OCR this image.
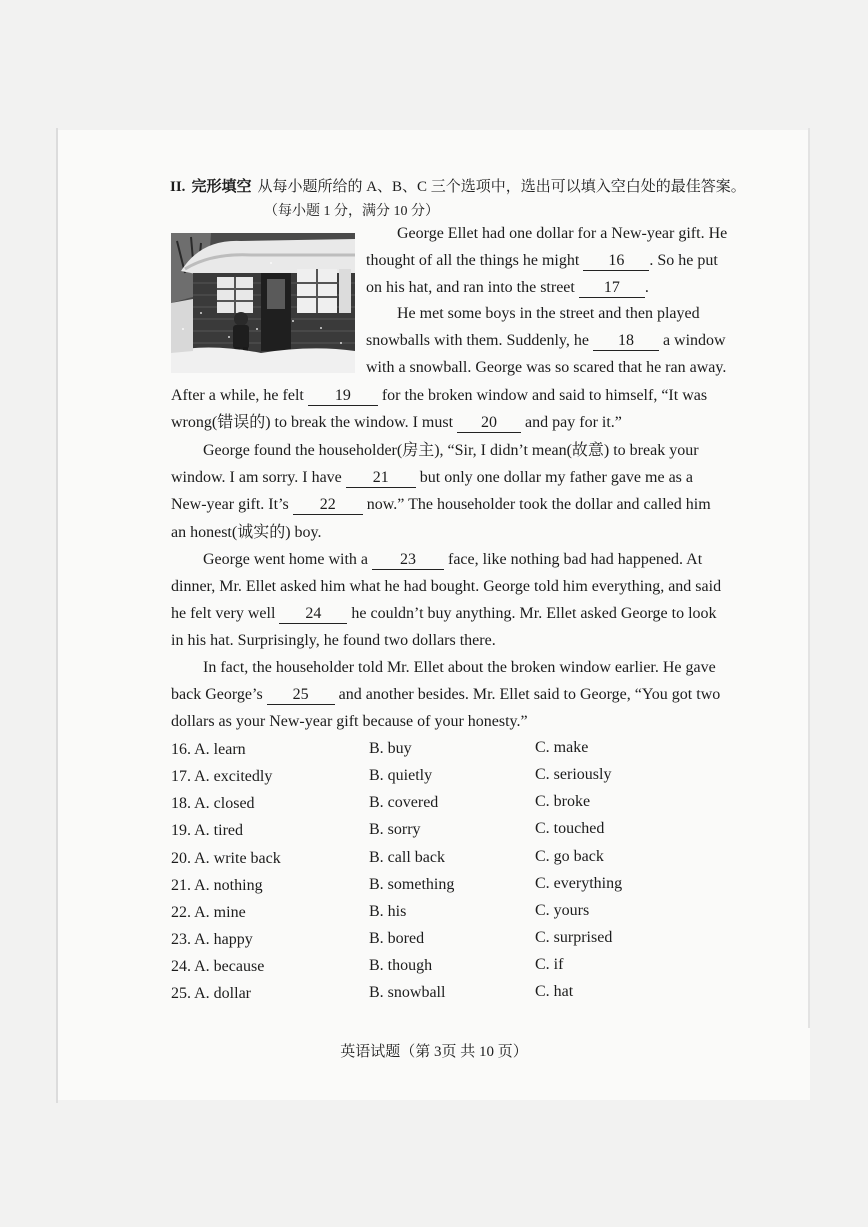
II. 完形填空 从每小题所给的 A、B、C 三个选项中，选出可以填入空白处的最佳答案。
（每小题 1 分，满分 10 分）
George Ellet had one dollar for a New-year gift. He
thought of all the things he might 16 . So he put
on his hat, and ran into the street 17 .
He met some boys in the street and then played
snowballs with them. Suddenly, he 18 a window
with a snowball. George was so scared that he ran away.
After a while, he felt 19 for the broken window and said to himself, “It was
wrong(错误的) to break the window. I must 20 and pay for it.”
George found the householder(房主), “Sir, I didn’t mean(故意) to break your
window. I am sorry. I have 21 but only one dollar my father gave me as a
New-year gift. It’s 22 now.” The householder took the dollar and called him
an honest(诚实的) boy.
George went home with a 23 face, like nothing bad had happened. At
dinner, Mr. Ellet asked him what he had bought. George told him everything, and said
he felt very well 24 he couldn’t buy anything. Mr. Ellet asked George to look
in his hat. Surprisingly, he found two dollars there.
In fact, the householder told Mr. Ellet about the broken window earlier. He gave
back George’s 25 and another besides. Mr. Ellet said to George, “You got two
dollars as your New-year gift because of your honesty.”
16. A. learn	B. buy	C. make
17. A. excitedly	B. quietly	C. seriously
18. A. closed	B. covered	C. broke
19. A. tired	B. sorry	C. touched
20. A. write back	B. call back	C. go back
21. A. nothing	B. something	C. everything
22. A. mine	B. his	C. yours
23. A. happy	B. bored	C. surprised
24. A. because	B. though	C. if
25. A. dollar	B. snowball	C. hat
英语试题（第 3页 共 10 页）
